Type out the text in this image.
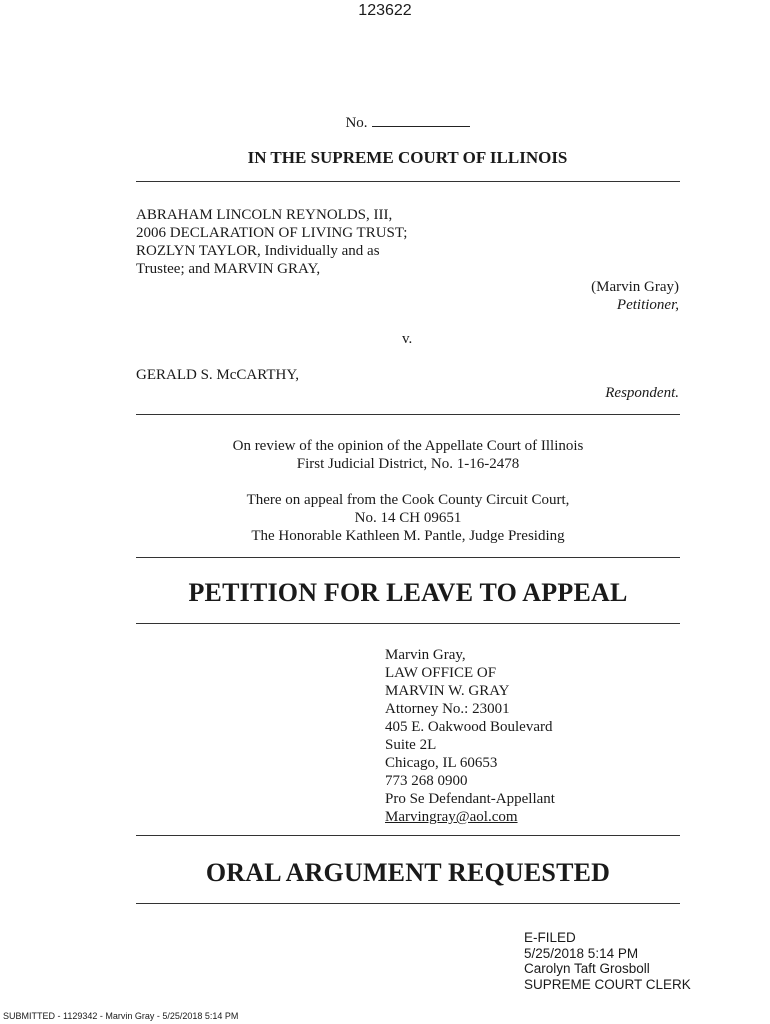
123622
No.
IN THE SUPREME COURT OF ILLINOIS
ABRAHAM LINCOLN REYNOLDS, III,
2006 DECLARATION OF LIVING TRUST;
ROZLYN TAYLOR, Individually and as
Trustee; and MARVIN GRAY,
(Marvin Gray)
Petitioner,
v.
GERALD S. McCARTHY,
Respondent.
On review of the opinion of the Appellate Court of Illinois
First Judicial District, No. 1-16-2478
There on appeal from the Cook County Circuit Court,
No. 14 CH 09651
The Honorable Kathleen M. Pantle, Judge Presiding
PETITION FOR LEAVE TO APPEAL
Marvin Gray,
LAW OFFICE OF
MARVIN W. GRAY
Attorney No.: 23001
405 E. Oakwood Boulevard
Suite 2L
Chicago, IL 60653
773 268 0900
Pro Se Defendant-Appellant
Marvingray@aol.com
ORAL ARGUMENT REQUESTED
E-FILED
5/25/2018 5:14 PM
Carolyn Taft Grosboll
SUPREME COURT CLERK
SUBMITTED - 1129342 - Marvin Gray - 5/25/2018 5:14 PM
